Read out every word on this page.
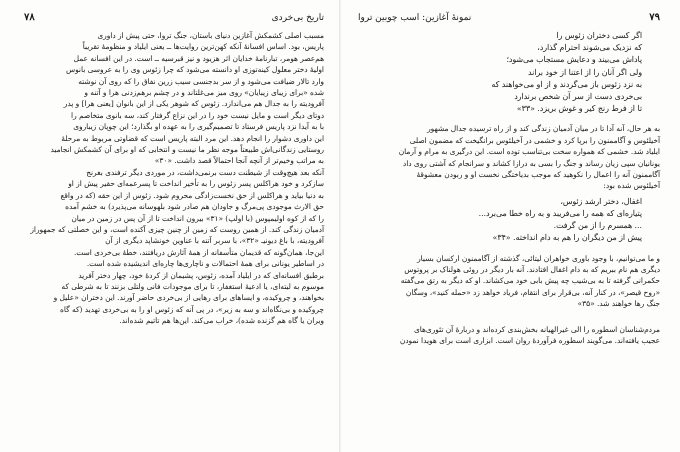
۷۸	تاریخ بی‌خردی

مسبب اصلی کشمکش آغازین دنیای باستان، جنگ تروا، حتی پیش از داوری

پاریس، بود. اساس افسانهٔ آنکه کهن‌ترین روایت‌ها ــ یعنی ایلیاد و منظومهٔ تقریباً

هم‌عصر هومر، تبارنامهٔ خدایان اثر هزیود و نیز قبرسیه ــ است. در این افسانه عمل

اولیهٔ دختر معلول کینه‌توزی او دانسته می‌شود که چرا زئوس وی را به عروسی بانوس

وارد تالار ضیافت می‌شود و از سر بدجنسی سیب زرین نفاق را که روی آن نوشته

شده «برای زیبای زیبایان» روی میز می‌غلتاند و در چشم برهم‌زدنی هرا و آتنه و

آفرودیته را به جدال هم می‌اندازد. زئوس که شوهر یکی از این بانوان [یعنی هرا] و پدر

دوتای دیگر است و مایل نیست خود را در این نزاع گرفتار کند، سه بانوی متخاصم را

با به آیدا نزد پاریس فرستاد تا تصمیم‌گیری را به عهده او بگذارد؛ این چوپان زیباروی

این داوری دشوار را انجام دهد. این مرد البته پاریس است که قضاوتی مربوط به مرحلهٔ

روستایی زندگانی‌اش طبیعتاً موجه نظر ما نیست و انتخابی که او برای آن کشمکش انجامید

به مراتب وخیم‌تر از آنچه آنجا احتمالاً قصد داشت. «۳۰»

آنکه بعد هیچ‌وقت از شیطنت دست برنمی‌داشت، در موردی دیگر ترفندی بغرنج

سازکرد و خود هراکلس پسر زئوس را به تأخیر انداخت تا پسرعمه‌ای حقیر پیش از او

به دنیا بیاید و هراکلس از حق نخست‌زادگی محروم شود. زئوس از این حقه (که در واقع

حق الارث موجودی پی‌مرگ و جاودان هم صادر شود بلهوسانه می‌پذیرد) به خشم آمده

را که از کوه اولیمپوس (با اولپ) «۳۱» بیرون انداخت تا از آن پس در زمین در میان

آدمیان زندگی کند. از همین روست که زمین از چنین چیزی آکنده است، و این خصلتی که جمهوراز

آفرودیته، با باغ دیونیـ «۳۲»، با سربر آتنه با عناوین خونشاپد دیگری از آن

این‌جا، همان‌گونه که قدیمان متأسفانه از همهٔ آثارش دریافتند، خطهٔ بی‌خردی است.

در اساطیر یونانی برای همهٔ احتمالات و ناچاری‌ها چاره‌ای اندیشیده شده است.

برطبق افسانه‌ای که در ایلیاد آمده، زئوس، پشیمان از کردهٔ خود، چهار دختر آفرید

موسوم به لیته‌ای، یا ادعیهٔ استغفار، تا برای موجودات فانی ولتلی بزنند تا به شرطی که

بخواهند، و چروکیده، و ایساهای برای رهایی از بی‌خردی حاضر آورند. این دختران «علیل و

چروکیده و بی‌نگاه‌اند و سه به زیر»، در پی آنه که زئوس او را به بی‌خردی تهدید (که گاه

ویران یا گاه هم گزنده شده)، خراب می‌کند. این‌ها هم تاتیم شده‌اند.

نمونهٔ آغازین: اسب چوبین تروا	۷۹

اگر کسی دختران زئوس را

که نزدیک می‌شوند احترام گذارد،

پاداش می‌بیند و دعایش مستجاب می‌شود؛

ولی اگر آنان را از اعتنا از خود براند

به نزد زئوس باز می‌گردند و از او می‌خواهند که

بی‌خردی دست از سر آن شخص برندارد

تا از فرط رنج کیر و غوش بریزد. «۳۳»

به هر حال، آنه آدا تا در میان آدمیان زندگی کند و از راه ترسیده جدال مشهور

آخیلئوس و آگاممنون را برپا کرد و خشمی در آخیلئوس برانگیخت که مضمون اصلی

ایلیاد شد. خشمی که همواره سخت بی‌تناسب توده است. این درگیری به مرام و آرمان

یونانیان سپی زیان رساند و جنگ را بسی به درازا کشاند و سرانجام که آشتی روی داد

آگاممنون آنه را اعمال را نکوهید که موجب بدیاختگی نخست او و ربودن معشوقهٔ

آخیلئوس شده بود:

اغفال، دختر ارشد زئوس،

پتیاره‌ای که همه را می‌فریبد و به راه خطا می‌برد...

... همسرم را از من گرفت.

پیش از من دیگران را هم به دام انداخته. «۳۴»

و ما می‌توانیم، با وجود باوری خواهران لیتائی، گذشته از آگاممنون ارکسان بسیار

دیگری هم نام ببریم که به دام اغفال افتادند. آنه بار دیگر در روئی هولناک بر پروتوس

حکمرانی گرفته تا به بی‌شیب چه پیش بابی خود می‌کشاند. او که دیگر به رتق می‌گفته

«روح قیصر»، در کنار آنه، بی‌قرار برای انتقام، فریاد خواهد زد «حمله کنید»، وسگان

جنگ رها خواهند شد. «۳۵»

مردم‌شناسان اسطوره را الی غیرالهیانه بخش‌بندی کرده‌اند و دربارهٔ آن تئوری‌های

عجیب یافته‌اند. می‌گویند اسطوره فرآوردهٔ روان است. ابزاری است برای هویدا نمودن
